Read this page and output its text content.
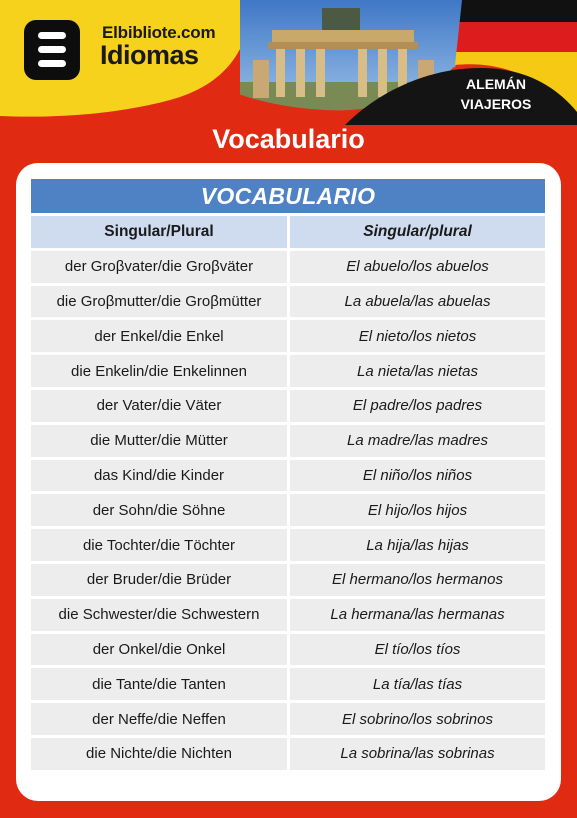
Elbibliote.com
Idiomas
ALEMÁN
VIAJEROS
Vocabulario
VOCABULARIO
Singular/Plural	Singular/plural
der Groβvater/die Groβväter	El abuelo/los abuelos
die Groβmutter/die Groβmütter	La abuela/las abuelas
der Enkel/die Enkel	El nieto/los nietos
die Enkelin/die Enkelinnen	La nieta/las nietas
der Vater/die Väter	El padre/los padres
die Mutter/die Mütter	La madre/las madres
das Kind/die Kinder	El niño/los niños
der Sohn/die Söhne	El hijo/los hijos
die Tochter/die Töchter	La hija/las hijas
der Bruder/die Brüder	El hermano/los hermanos
die Schwester/die Schwestern	La hermana/las hermanas
der Onkel/die Onkel	El tío/los tíos
die Tante/die Tanten	La tía/las tías
der Neffe/die Neffen	El sobrino/los sobrinos
die Nichte/die Nichten	La sobrina/las sobrinas
